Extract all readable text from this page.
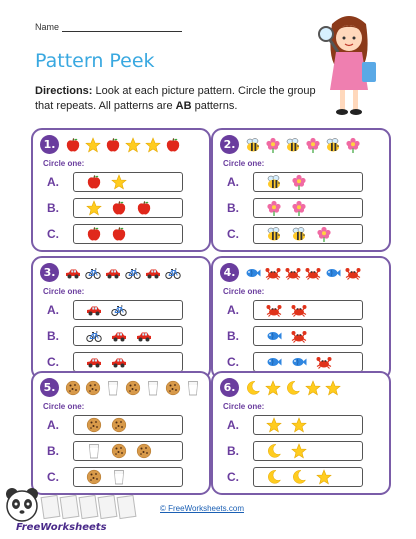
Name
Pattern Peek
Directions: Look at each picture pattern. Circle the group that repeats. All patterns are AB patterns.
1.
Circle one:
A.
B.
C.
2.
Circle one:
A.
B.
C.
3.
Circle one:
A.
B.
C.
4.
Circle one:
A.
B.
C.
5.
Circle one:
A.
B.
C.
6.
Circle one:
A.
B.
C.
FreeWorksheets
© FreeWorksheets.com
